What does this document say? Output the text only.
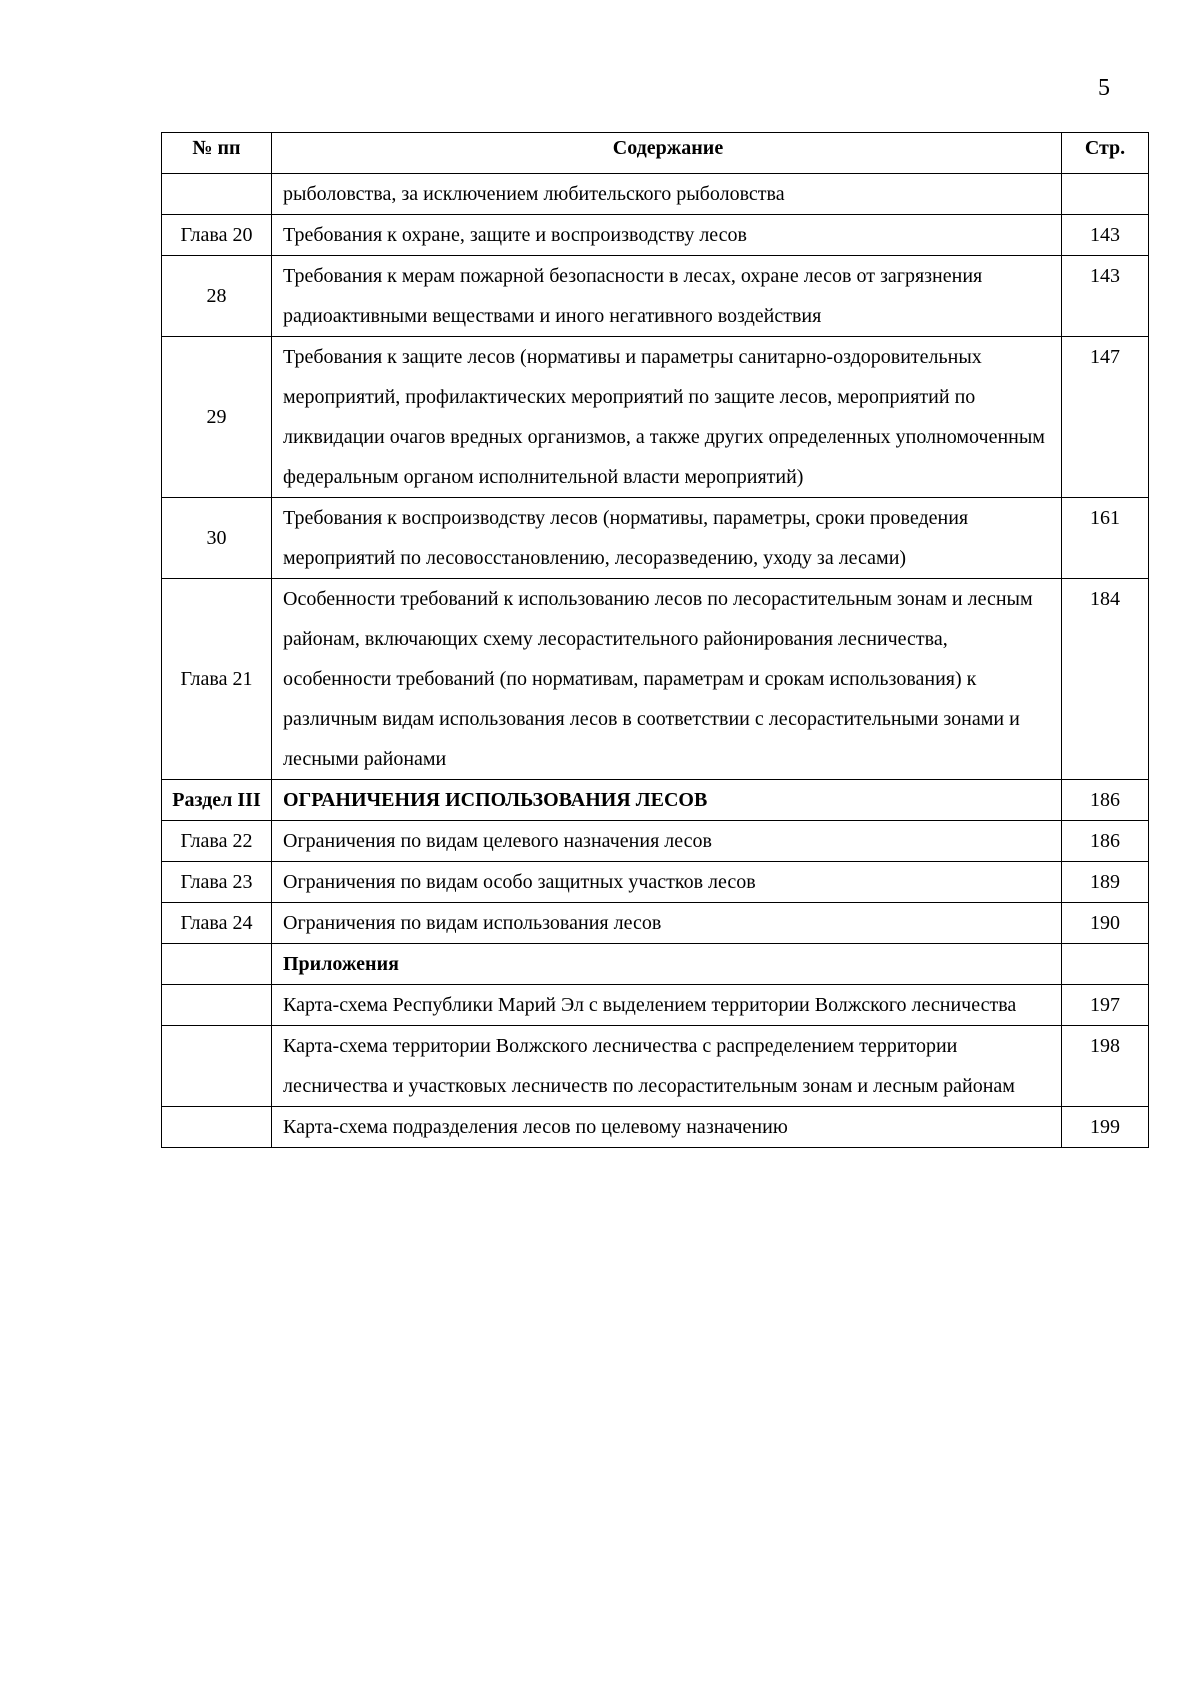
5
№ пп	Содержание	Стр.
	рыболовства, за исключением любительского рыболовства	
Глава 20	Требования к охране, защите и воспроизводству лесов	143
28	Требования к мерам пожарной безопасности в лесах, охране лесов от загрязнения радиоактивными веществами и иного негативного воздействия	143
29	Требования к защите лесов (нормативы и параметры санитарно-оздоровительных мероприятий, профилактических мероприятий по защите лесов, мероприятий по ликвидации очагов вредных организмов, а также других определенных уполномоченным федеральным органом исполнительной власти мероприятий)	147
30	Требования к воспроизводству лесов (нормативы, параметры, сроки проведения мероприятий по лесовосстановлению, лесоразведению, уходу за лесами)	161
Глава 21	Особенности требований к использованию лесов по лесорастительным зонам и лесным районам, включающих схему лесорастительного районирования лесничества, особенности требований (по нормативам, параметрам и срокам использования) к различным видам использования лесов в соответствии с лесорастительными зонами и лесными районами	184
Раздел III	ОГРАНИЧЕНИЯ ИСПОЛЬЗОВАНИЯ ЛЕСОВ	186
Глава 22	Ограничения по видам целевого назначения лесов	186
Глава 23	Ограничения по видам особо защитных участков лесов	189
Глава 24	Ограничения по видам использования лесов	190
	Приложения	
	Карта-схема Республики Марий Эл с выделением территории Волжского лесничества	197
	Карта-схема территории Волжского лесничества с распределением территории лесничества и участковых лесничеств по лесорастительным зонам и лесным районам	198
	Карта-схема подразделения лесов по целевому назначению	199
